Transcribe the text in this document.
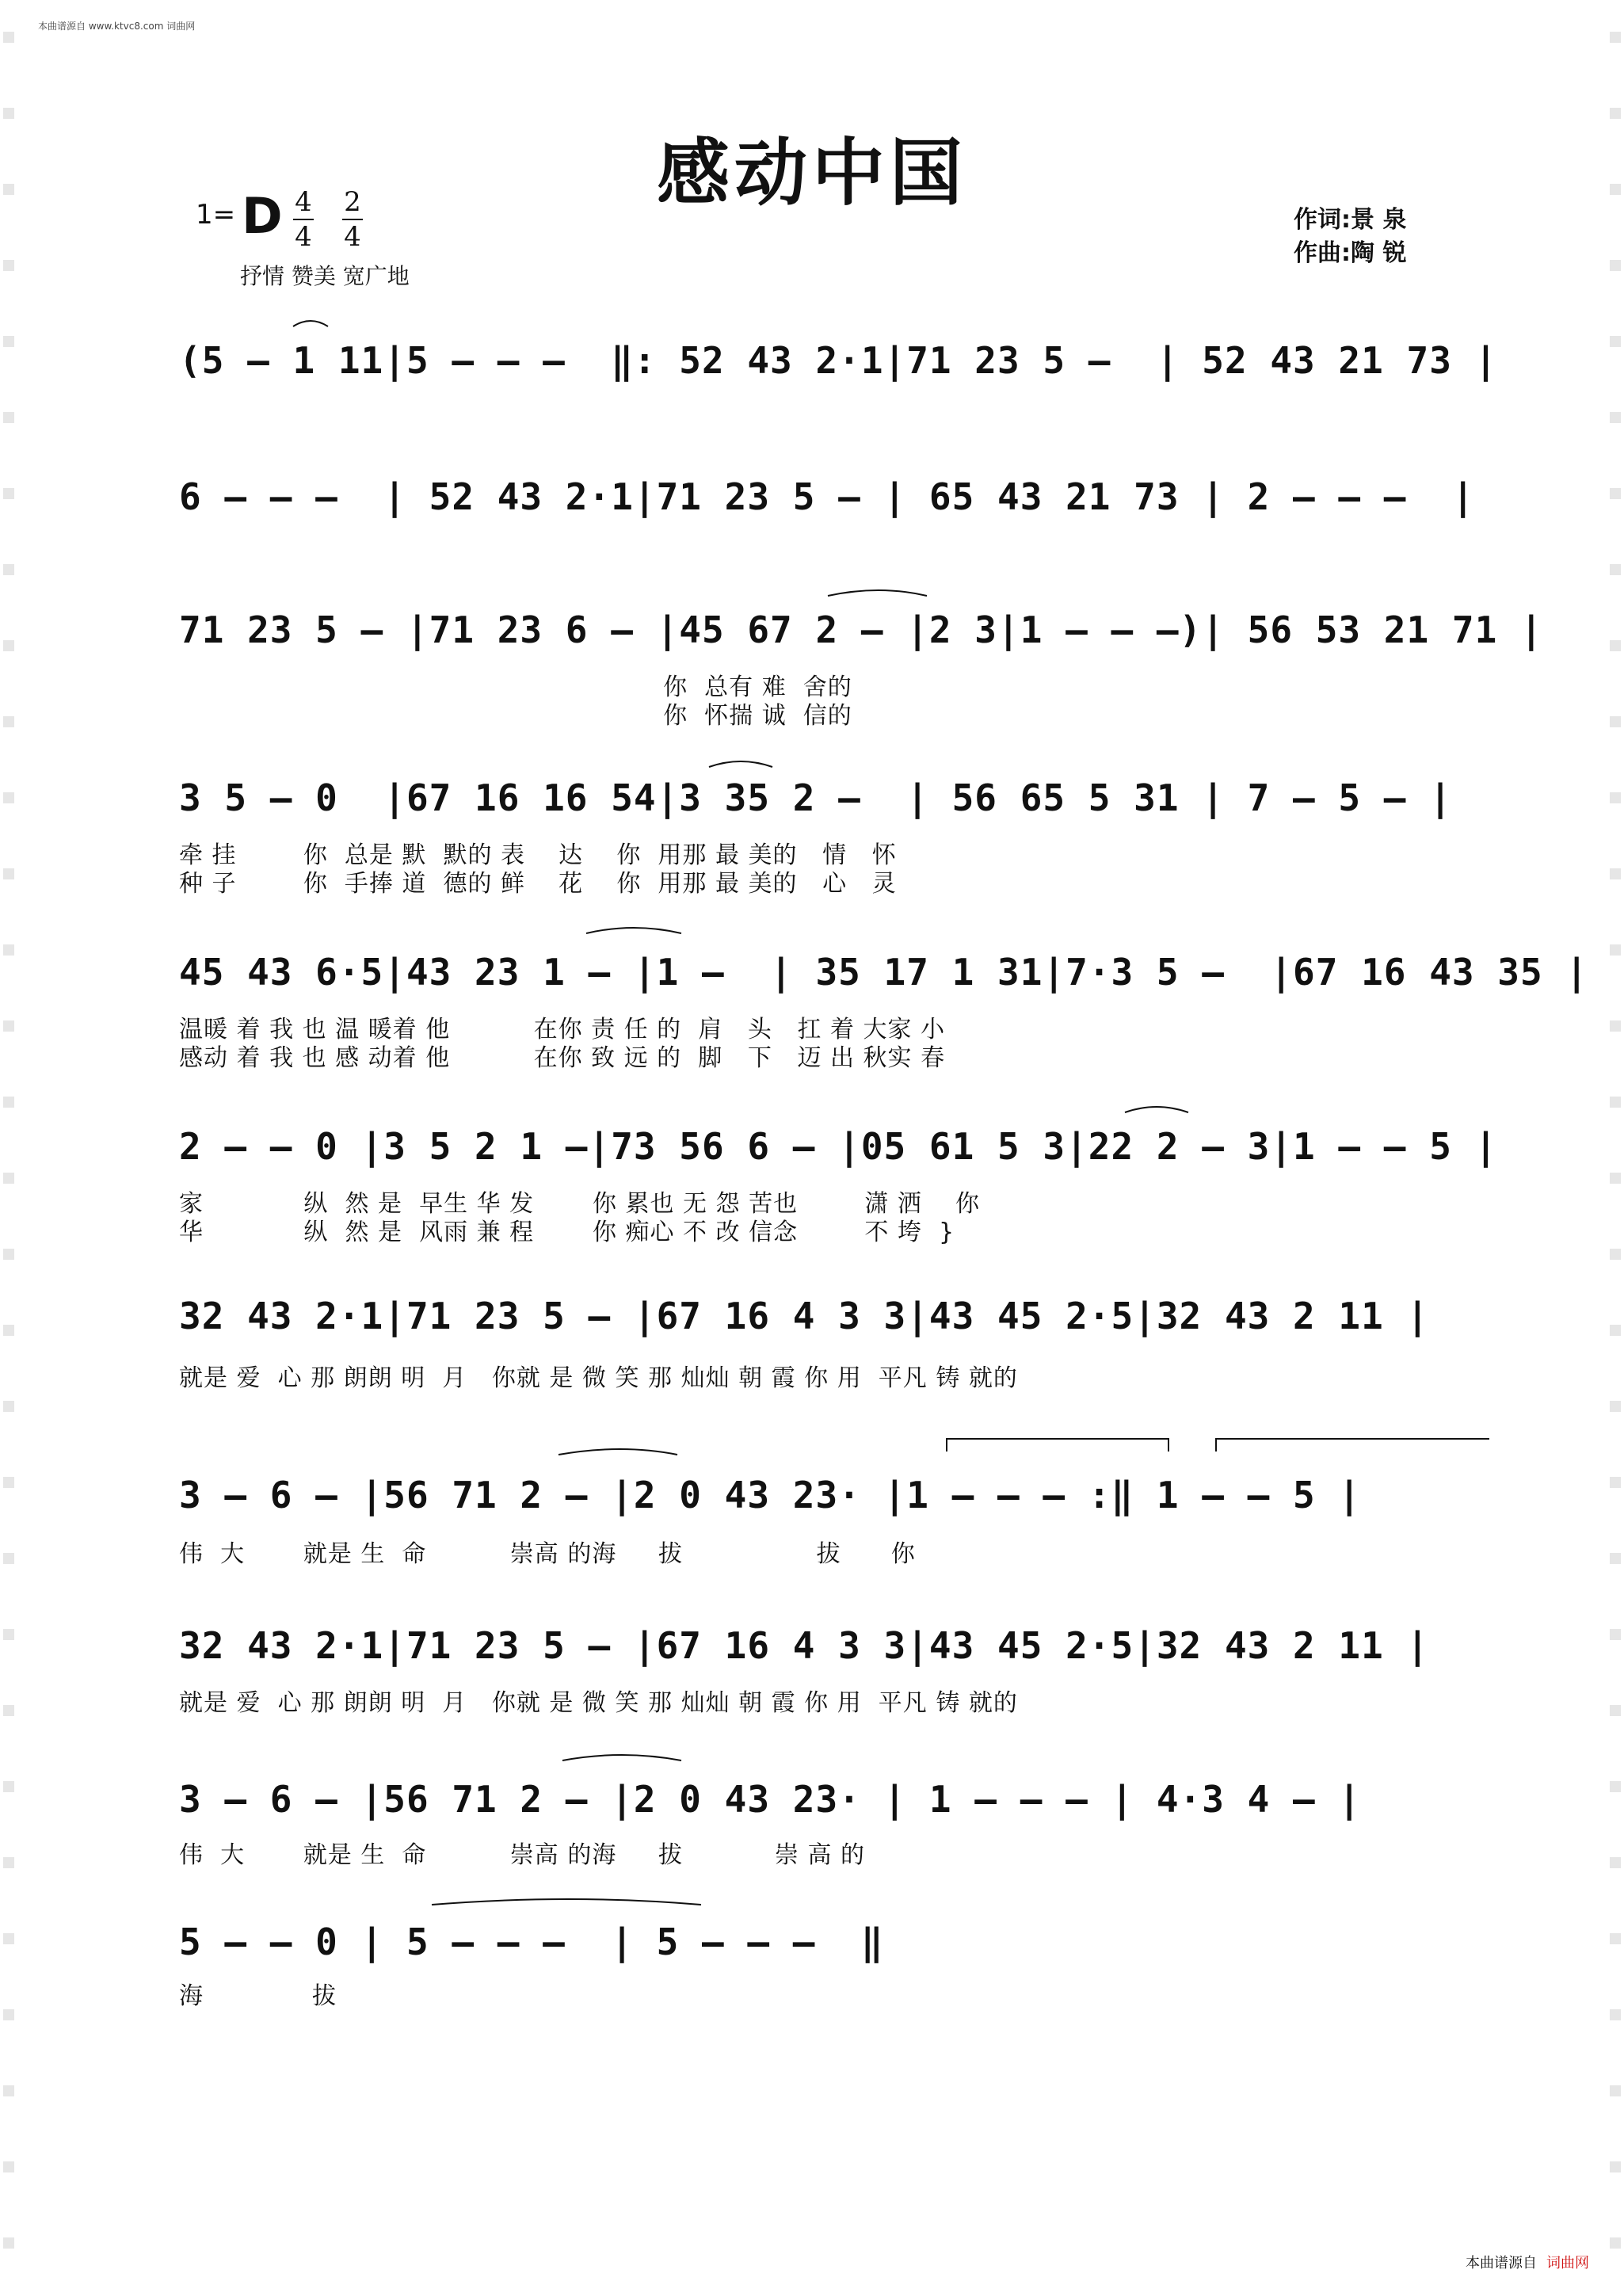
本曲谱源自 www.ktvc8.com 词曲网
感动中国
1= D 4
4
2
4
抒情 赞美 宽广地
作词:景 泉
作曲:陶 锐
(5 – 1 11|5 – – –  ‖: 52 43 2·1|71 23 5 –  | 52 43 21 73 |
6 – – –  | 52 43 2·1|71 23 5 – | 65 43 21 73 | 2 – – –  |
71 23 5 – |71 23 6 – |45 67 2 – |2 3|1 – – –)| 56 53 21 71 |
你  总有 难  舍的
你  怀揣 诚  信的
3 5 – 0  |67 16 16 54|3 35 2 –  | 56 65 5 31 | 7 – 5 – |
牵 挂        你  总是 默  默的 表    达    你  用那 最 美的   情   怀
种 子        你  手捧 道  德的 鲜    花    你  用那 最 美的   心   灵
45 43 6·5|43 23 1 – |1 –  | 35 17 1 31|7·3 5 –  |67 16 43 35 |
温暖 着 我 也 温 暖着 他          在你 责 任 的  肩   头   扛 着 大家 小
感动 着 我 也 感 动着 他          在你 致 远 的  脚   下   迈 出 秋实 春
2 – – 0 |3 5 2 1 –|73 56 6 – |05 61 5 3|22 2 – 3|1 – – 5 |
家            纵  然 是  早生 华 发       你 累也 无 怨 苦也        潇 洒    你
华            纵  然 是  风雨 兼 程       你 痴心 不 改 信念        不 垮  }
32 43 2·1|71 23 5 – |67 16 4 3 3|43 45 2·5|32 43 2 11 |
就是 爱  心 那 朗朗 明  月   你就 是 微 笑 那 灿灿 朝 霞 你 用  平凡 铸 就的
3 – 6 – |56 71 2 – |2 0 43 23· |1 – – – :‖ 1 – – 5 |
伟  大       就是 生  命          崇高 的海     拔                拔      你
32 43 2·1|71 23 5 – |67 16 4 3 3|43 45 2·5|32 43 2 11 |
就是 爱  心 那 朗朗 明  月   你就 是 微 笑 那 灿灿 朝 霞 你 用  平凡 铸 就的
3 – 6 – |56 71 2 – |2 0 43 23· | 1 – – – | 4·3 4 – |
伟  大       就是 生  命          崇高 的海     拔           崇 高 的
5 – – 0 | 5 – – –  | 5 – – –  ‖
海             拔
本曲谱源自 词曲网
